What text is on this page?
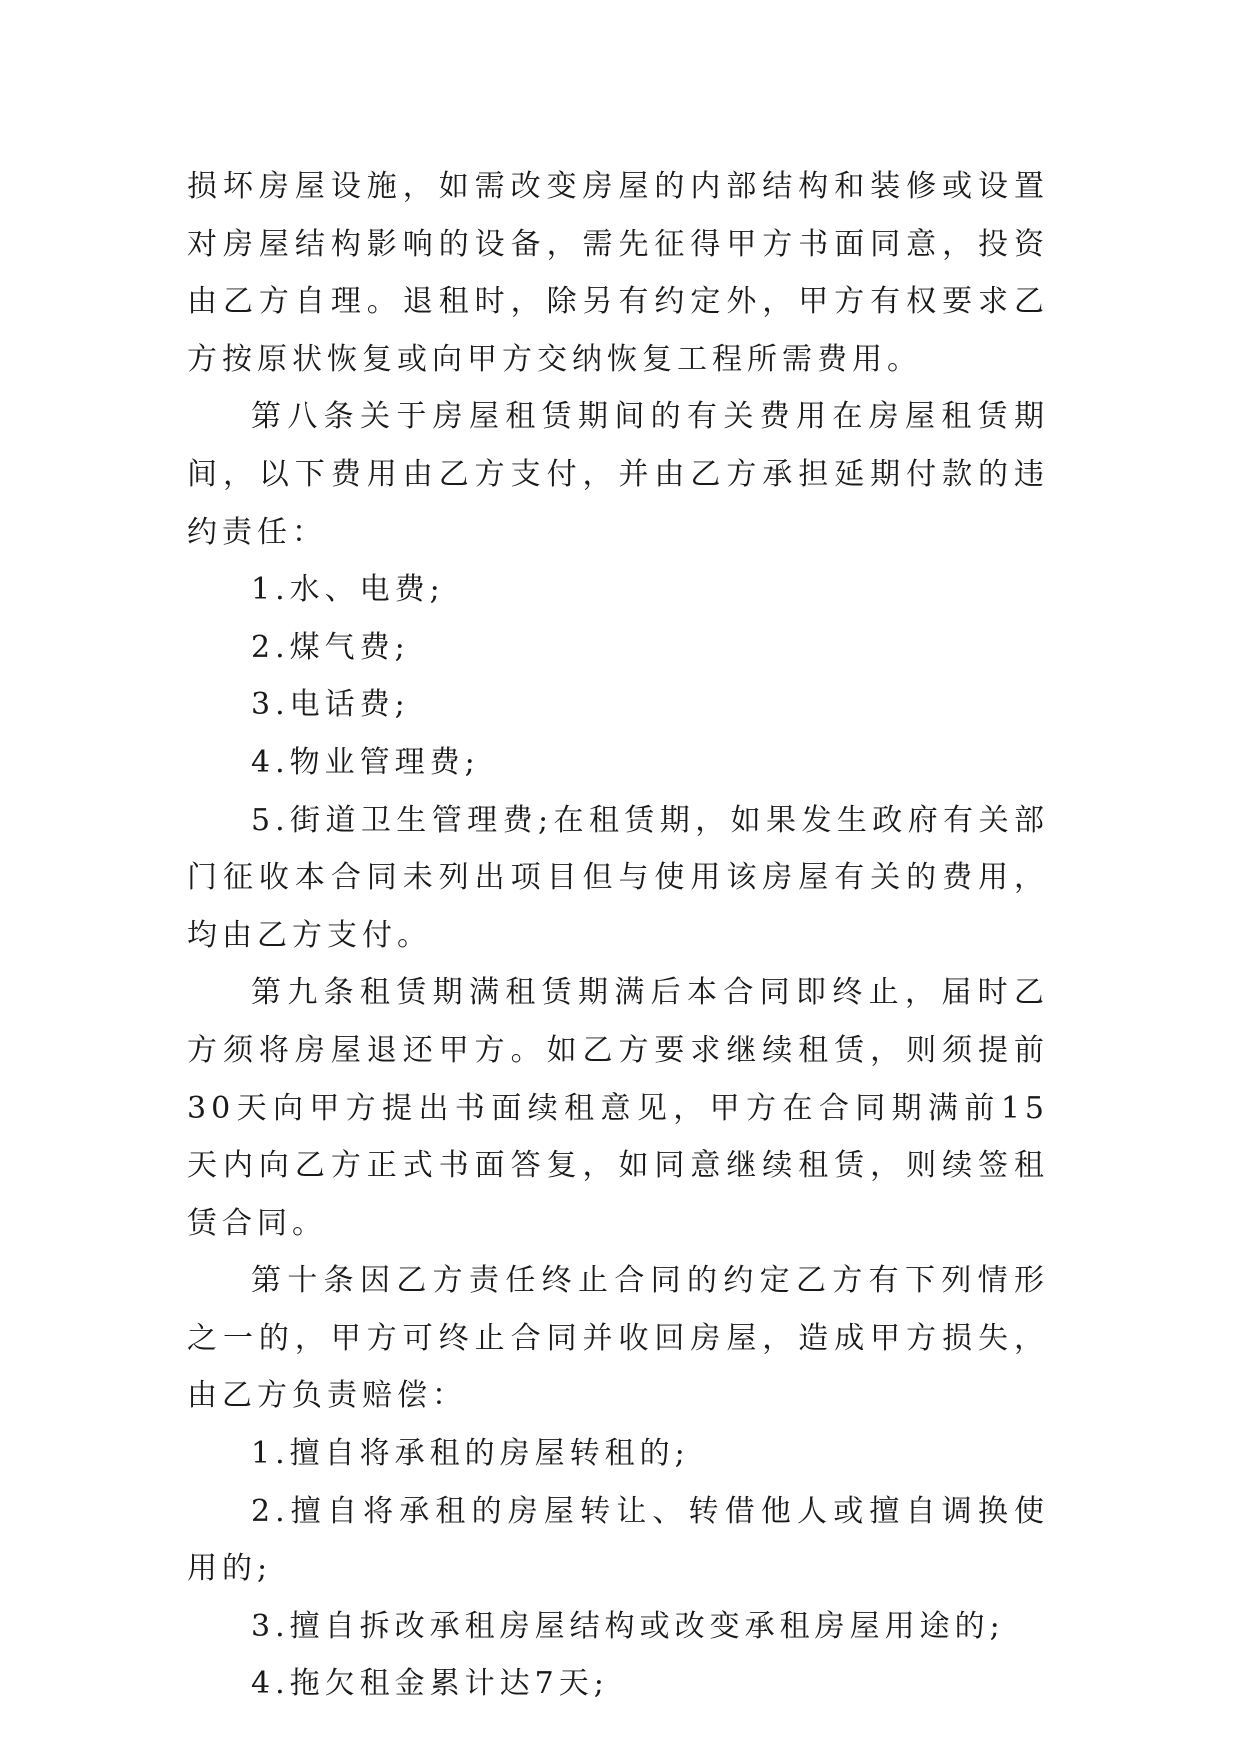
损坏房屋设施，如需改变房屋的内部结构和装修或设置对房屋结构影响的设备，需先征得甲方书面同意，投资由乙方自理。退租时，除另有约定外，甲方有权要求乙方按原状恢复或向甲方交纳恢复工程所需费用。

第八条关于房屋租赁期间的有关费用在房屋租赁期间，以下费用由乙方支付，并由乙方承担延期付款的违约责任：

1.水、电费;

2.煤气费;

3.电话费;

4.物业管理费;

5.街道卫生管理费;在租赁期，如果发生政府有关部门征收本合同未列出项目但与使用该房屋有关的费用，均由乙方支付。

第九条租赁期满租赁期满后本合同即终止，届时乙方须将房屋退还甲方。如乙方要求继续租赁，则须提前30天向甲方提出书面续租意见，甲方在合同期满前15天内向乙方正式书面答复，如同意继续租赁，则续签租赁合同。

第十条因乙方责任终止合同的约定乙方有下列情形之一的，甲方可终止合同并收回房屋，造成甲方损失，由乙方负责赔偿：

1.擅自将承租的房屋转租的;

2.擅自将承租的房屋转让、转借他人或擅自调换使用的;

3.擅自拆改承租房屋结构或改变承租房屋用途的;

4.拖欠租金累计达7天;
